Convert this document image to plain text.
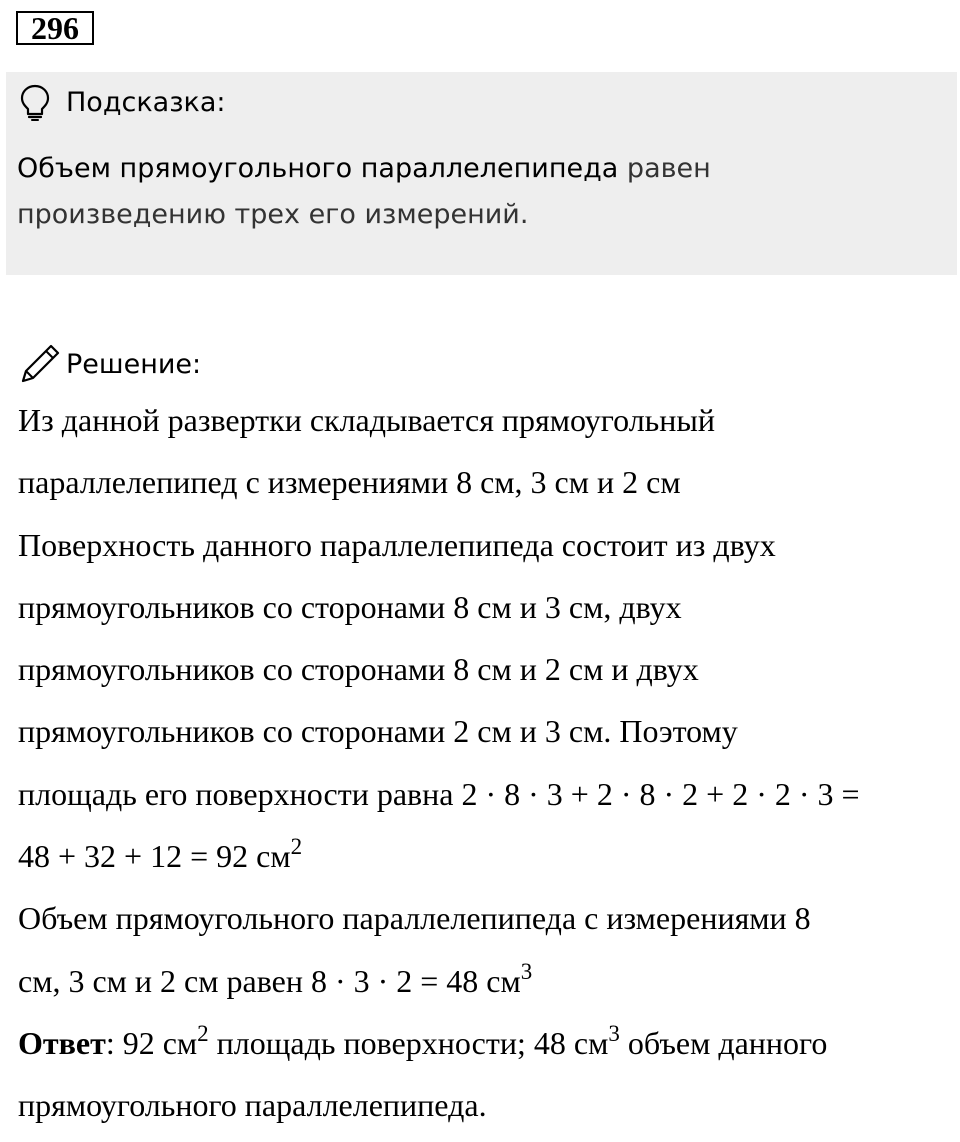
296
Подсказка:
Объем прямоугольного параллелепипеда равен
произведению трех его измерений.
Решение:
Из данной развертки складывается прямоугольный
параллелепипед с измерениями 8 см, 3 см и 2 см
Поверхность данного параллелепипеда состоит из двух
прямоугольников со сторонами 8 см и 3 см, двух
прямоугольников со сторонами 8 см и 2 см и двух
прямоугольников со сторонами 2 см и 3 см. Поэтому
площадь его поверхности равна 2 · 8 · 3 + 2 · 8 · 2 + 2 · 2 · 3 =
48 + 32 + 12 = 92 $см^2$
Объем прямоугольного параллелепипеда с измерениями 8
см, 3 см и 2 см равен 8 · 3 · 2 = 48 $см^3$
Ответ: 92 $см^2$ площадь поверхности; 48 $см^3$ объем данного
прямоугольного параллелепипеда.
